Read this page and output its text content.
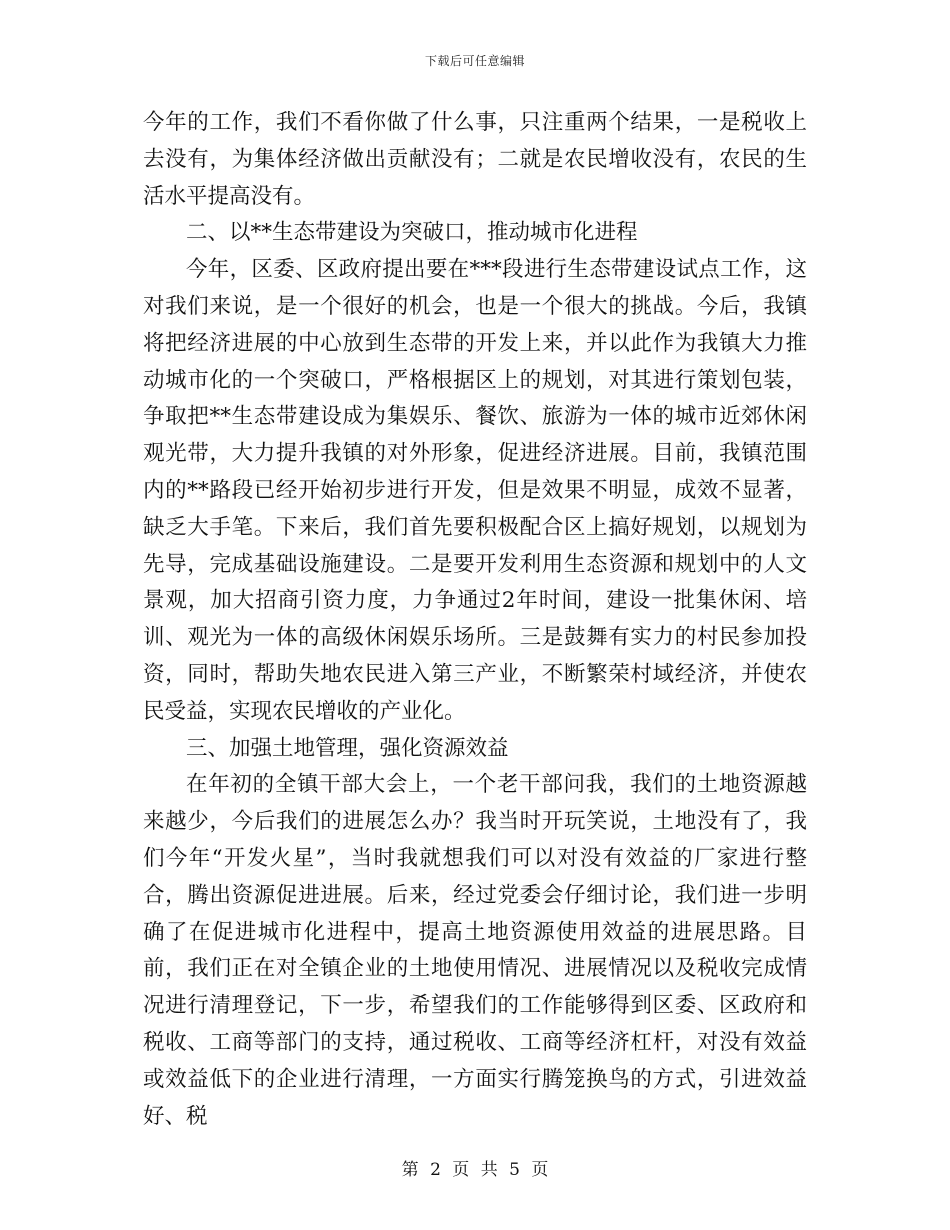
下载后可任意编辑

今年的工作，我们不看你做了什么事，只注重两个结果，一是税收上去没有，为集体经济做出贡献没有；二就是农民增收没有，农民的生活水平提高没有。

二、以**生态带建设为突破口，推动城市化进程

今年，区委、区政府提出要在***段进行生态带建设试点工作，这对我们来说，是一个很好的机会，也是一个很大的挑战。今后，我镇将把经济进展的中心放到生态带的开发上来，并以此作为我镇大力推动城市化的一个突破口，严格根据区上的规划，对其进行策划包装，争取把**生态带建设成为集娱乐、餐饮、旅游为一体的城市近郊休闲观光带，大力提升我镇的对外形象，促进经济进展。目前，我镇范围内的**路段已经开始初步进行开发，但是效果不明显，成效不显著，缺乏大手笔。下来后，我们首先要积极配合区上搞好规划，以规划为先导，完成基础设施建设。二是要开发利用生态资源和规划中的人文景观，加大招商引资力度，力争通过2年时间，建设一批集休闲、培训、观光为一体的高级休闲娱乐场所。三是鼓舞有实力的村民参加投资，同时，帮助失地农民进入第三产业，不断繁荣村域经济，并使农民受益，实现农民增收的产业化。

三、加强土地管理，强化资源效益

在年初的全镇干部大会上，一个老干部问我，我们的土地资源越来越少，今后我们的进展怎么办？我当时开玩笑说，土地没有了，我们今年“开发火星”，当时我就想我们可以对没有效益的厂家进行整合，腾出资源促进进展。后来，经过党委会仔细讨论，我们进一步明确了在促进城市化进程中，提高土地资源使用效益的进展思路。目前，我们正在对全镇企业的土地使用情况、进展情况以及税收完成情况进行清理登记，下一步，希望我们的工作能够得到区委、区政府和税收、工商等部门的支持，通过税收、工商等经济杠杆，对没有效益或效益低下的企业进行清理，一方面实行腾笼换鸟的方式，引进效益好、税

第 2 页 共 5 页
